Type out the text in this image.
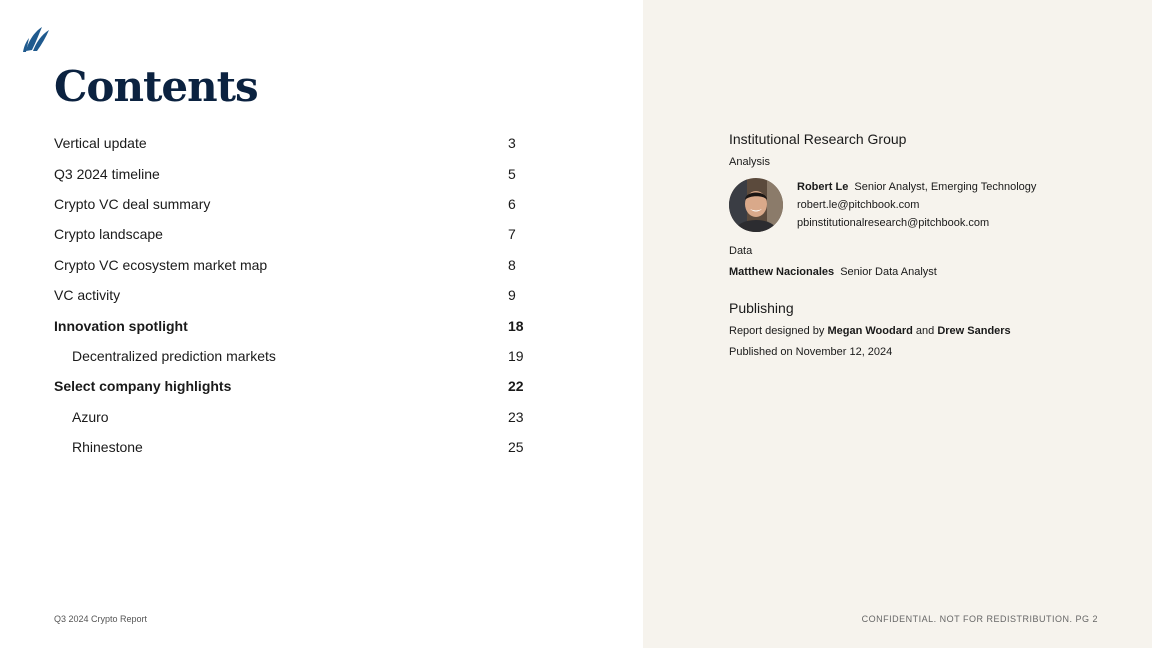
Contents
Vertical update	3
Q3 2024 timeline	5
Crypto VC deal summary	6
Crypto landscape	7
Crypto VC ecosystem market map	8
VC activity	9
Innovation spotlight	18
Decentralized prediction markets	19
Select company highlights	22
Azuro	23
Rhinestone	25
Q3 2024 Crypto Report	CONFIDENTIAL. NOT FOR REDISTRIBUTION. PG 2

Institutional Research Group

Analysis
Robert Le Senior Analyst, Emerging Technology
robert.le@pitchbook.com
pbinstitutionalresearch@pitchbook.com
Data
Matthew Nacionales Senior Data Analyst

Publishing

Report designed by Megan Woodard and Drew Sanders
Published on November 12, 2024
